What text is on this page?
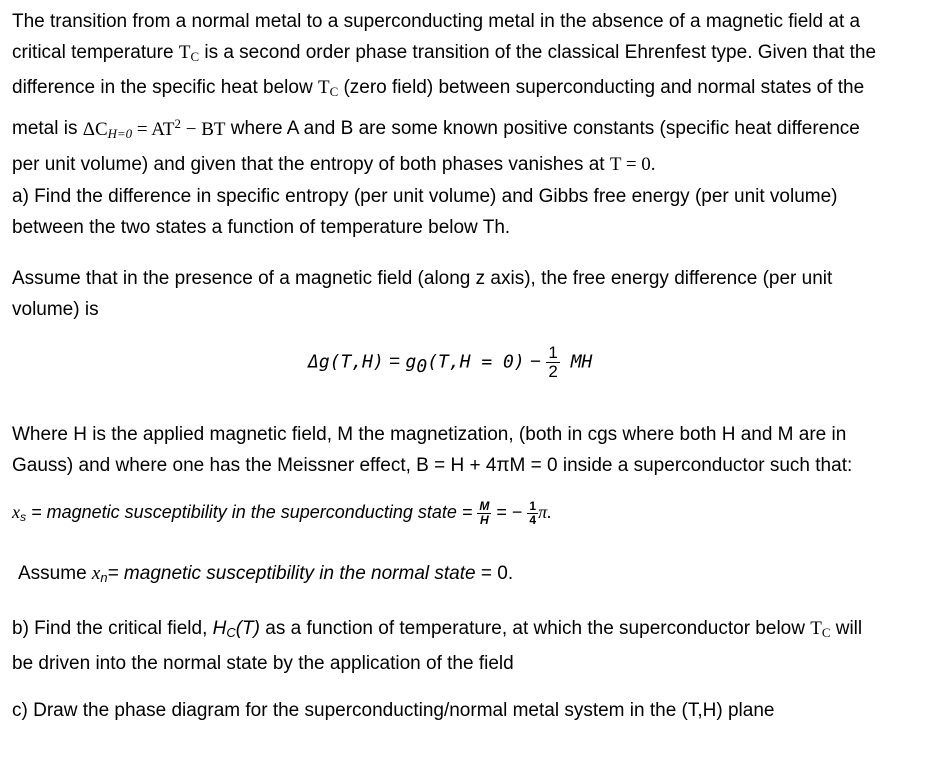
The transition from a normal metal to a superconducting metal in the absence of a magnetic field at a
critical temperature $T_C$ is a second order phase transition of the classical Ehrenfest type. Given that the
difference in the specific heat below $T_C$ (zero field) between superconducting and normal states of the
metal is $\Delta C_{H=0} = AT^2$ − BT where A and B are some known positive constants (specific heat difference
per unit volume) and given that the entropy of both phases vanishes at T = 0.

a) Find the difference in specific entropy (per unit volume) and Gibbs free energy (per unit volume)
between the two states a function of temperature below Th.

Assume that in the presence of a magnetic field (along z axis), the free energy difference (per unit
volume) is

$\Delta g(T,H) = g0(T,H = 0) - \frac{1}{2}$ MH

Where H is the applied magnetic field, M the magnetization, (both in cgs where both H and M are in
Gauss) and where one has the Meissner effect, B = H + 4πM = 0 inside a superconductor such that:

$x_s$ = magnetic susceptibility in the superconducting state = $\frac{M}{H}$ = − $\frac{1}{4} \pi$.
Assume $x_n=$ magnetic susceptibility in the normal state = 0.

b) Find the critical field, $H_C(T)$ as a function of temperature, at which the superconductor below $T_C$ will
be driven into the normal state by the application of the field

c) Draw the phase diagram for the superconducting/normal metal system in the (T,H) plane
